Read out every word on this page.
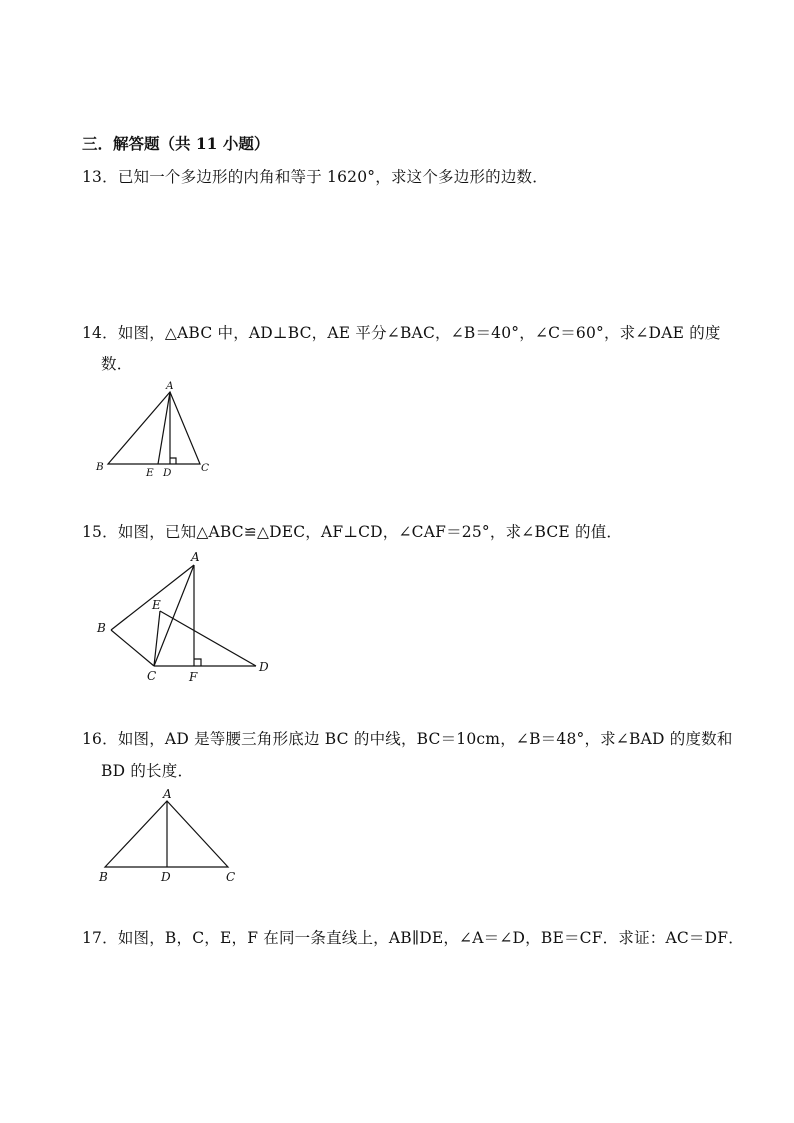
三．解答题（共 11 小题）
13．已知一个多边形的内角和等于 1620°，求这个多边形的边数．
14．如图，△ABC 中，AD⊥BC，AE 平分∠BAC，∠B＝40°，∠C＝60°，求∠DAE 的度
数．
A
B	C
E D
15．如图，已知△ABC≌△DEC，AF⊥CD，∠CAF＝25°，求∠BCE 的值．
A
E
B
C	F
D
16．如图，AD 是等腰三角形底边 BC 的中线，BC＝10cm，∠B＝48°，求∠BAD 的度数和
BD 的长度．
A
B	D	C
17．如图，B，C，E，F 在同一条直线上，AB∥DE，∠A＝∠D，BE＝CF．求证：AC＝DF．
